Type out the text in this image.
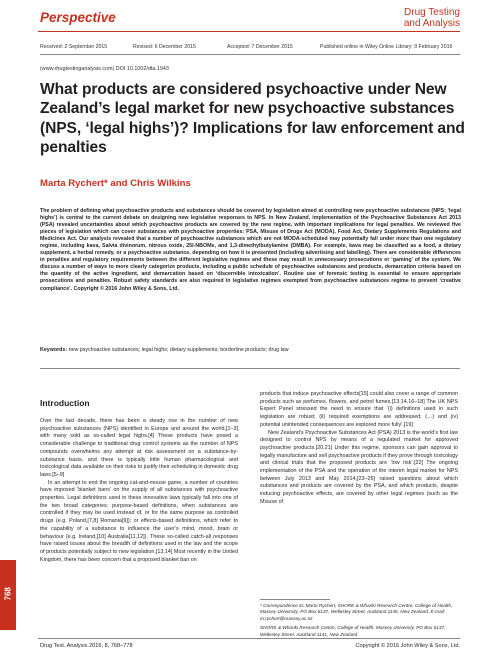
Perspective	Drug Testing
and Analysis
Received: 2 September 2015	Revised: 6 December 2015	Accepted: 7 December 2015	Published online in Wiley Online Library: 9 February 2016
(www.drugtestinganalysis.com) DOI 10.1002/dta.1943
What products are considered psychoactive under New Zealand’s legal market for new psychoactive substances (NPS, ‘legal highs’)? Implications for law enforcement and penalties
Marta Rychert* and Chris Wilkins

The problem of defining what psychoactive products and substances should be covered by legislation aimed at controlling new psychoactive substances (NPS; ‘legal highs’) is central to the current debate on designing new legislative responses to NPS. In New Zealand, implementation of the Psychoactive Substances Act 2013 (PSA) revealed uncertainties about which psychoactive products are covered by the new regime, with important implications for legal penalties. We reviewed five pieces of legislation which can cover substances with psychoactive properties: PSA, Misuse of Drugs Act (MODA), Food Act, Dietary Supplements Regulations and Medicines Act. Our analysis revealed that a number of psychoactive substances which are not MODA-scheduled may potentially fall under more than one regulatory regime, including kava, Salvia divinorum, nitrous oxide, 25I-NBOMe, and 1,3-dimethylbutylamine (DMBA). For example, kava may be classified as a food, a dietary supplement, a herbal remedy, or a psychoactive substance, depending on how it is presented (including advertising and labelling). There are considerable differences in penalties and regulatory requirements between the different legislative regimes and these may result in unnecessary prosecutions or ‘gaming’ of the system. We discuss a number of ways to more clearly categorize products, including a public schedule of psychoactive substances and products, demarcation criteria based on the quantity of the active ingredient, and demarcation based on ‘discernible intoxication’. Routine use of forensic testing is essential to ensure appropriate prosecutions and penalties. Robust safety standards are also required in legislative regimes exempted from psychoactive substances regime to prevent ‘creative compliance’. Copyright © 2016 John Wiley & Sons, Ltd.

Keywords: new psychoactive substances; legal highs; dietary supplements; borderline products; drug law
Introduction

Over the last decade, there has been a steady rise in the number of new psychoactive substances (NPS) identified in Europe and around the world,[1–3] with many sold as so-called legal highs.[4] These products have posed a considerable challenge to traditional drug control systems as the number of NPS compounds overwhelms any attempt at risk assessment on a substance-by-substance basis, and there is typically little human pharmacological and toxicological data available on their risks to justify their scheduling in domestic drug laws.[5–9]

In an attempt to end the ongoing cat-and-mouse game, a number of countries have imposed ‘blanket bans’ on the supply of all substances with psychoactive properties. Legal definitions used in these innovative laws typically fall into one of the two broad categories: purpose-based definitions, when substances are controlled if they may be used instead of, or for the same purpose as controlled drugs (e.g. Poland,[7,8] Romania[9]); or effects-based definitions, which refer to the capability of a substance to influence the user’s mind, mood, brain or behaviour (e.g. Ireland,[10] Australia[11,12]). These so-called catch-all responses have raised issues about the breadth of definitions used in the law and the scope of products potentially subject to new legislation.[13,14] Most recently in the United Kingdom, there has been concern that a proposed blanket ban on

products that induce psychoactive effects[15] could also cover a range of common products such as perfumes, flowers, and petrol fumes.[13,14,16–18] The UK NPS Expert Panel stressed the need to ensure that ‘(i) definitions used in such legislation are robust; (ii) required exemptions are addressed; (…) and (iv) potential unintended consequences are explored more fully’.[19]

New Zealand’s Psychoactive Substances Act (PSA) 2013 is the world’s first law designed to control NPS by means of a regulated market for approved psychoactive products.[20,21] Under this regime, sponsors can gain approval to legally manufacture and sell psychoactive products if they prove through toxicology and clinical trials that the proposed products are ‘low risk’.[22] The ongoing implementation of the PSA and the operation of the interim legal market for NPS between July 2013 and May 2014,[23–25] raised questions about which substances and products are covered by the PSA, and which products, despite inducing psychoactive effects, are covered by other legal regimes (such as the Misuse of

* Correspondence to: Marta Rychert, SHORE & Whariki Research Centre, College of Health, Massey University, PO Box 6137, Wellesley Street, Auckland 1145, New Zealand. E-mail: m.rychert@massey.ac.nz

SHORE & Whariki Research Centre, College of Health, Massey University, PO Box 6137, Wellesley Street, Auckland 1141, New Zealand

768
Drug Test. Analysis 2016, 8, 768–778	Copyright © 2016 John Wiley & Sons, Ltd.
